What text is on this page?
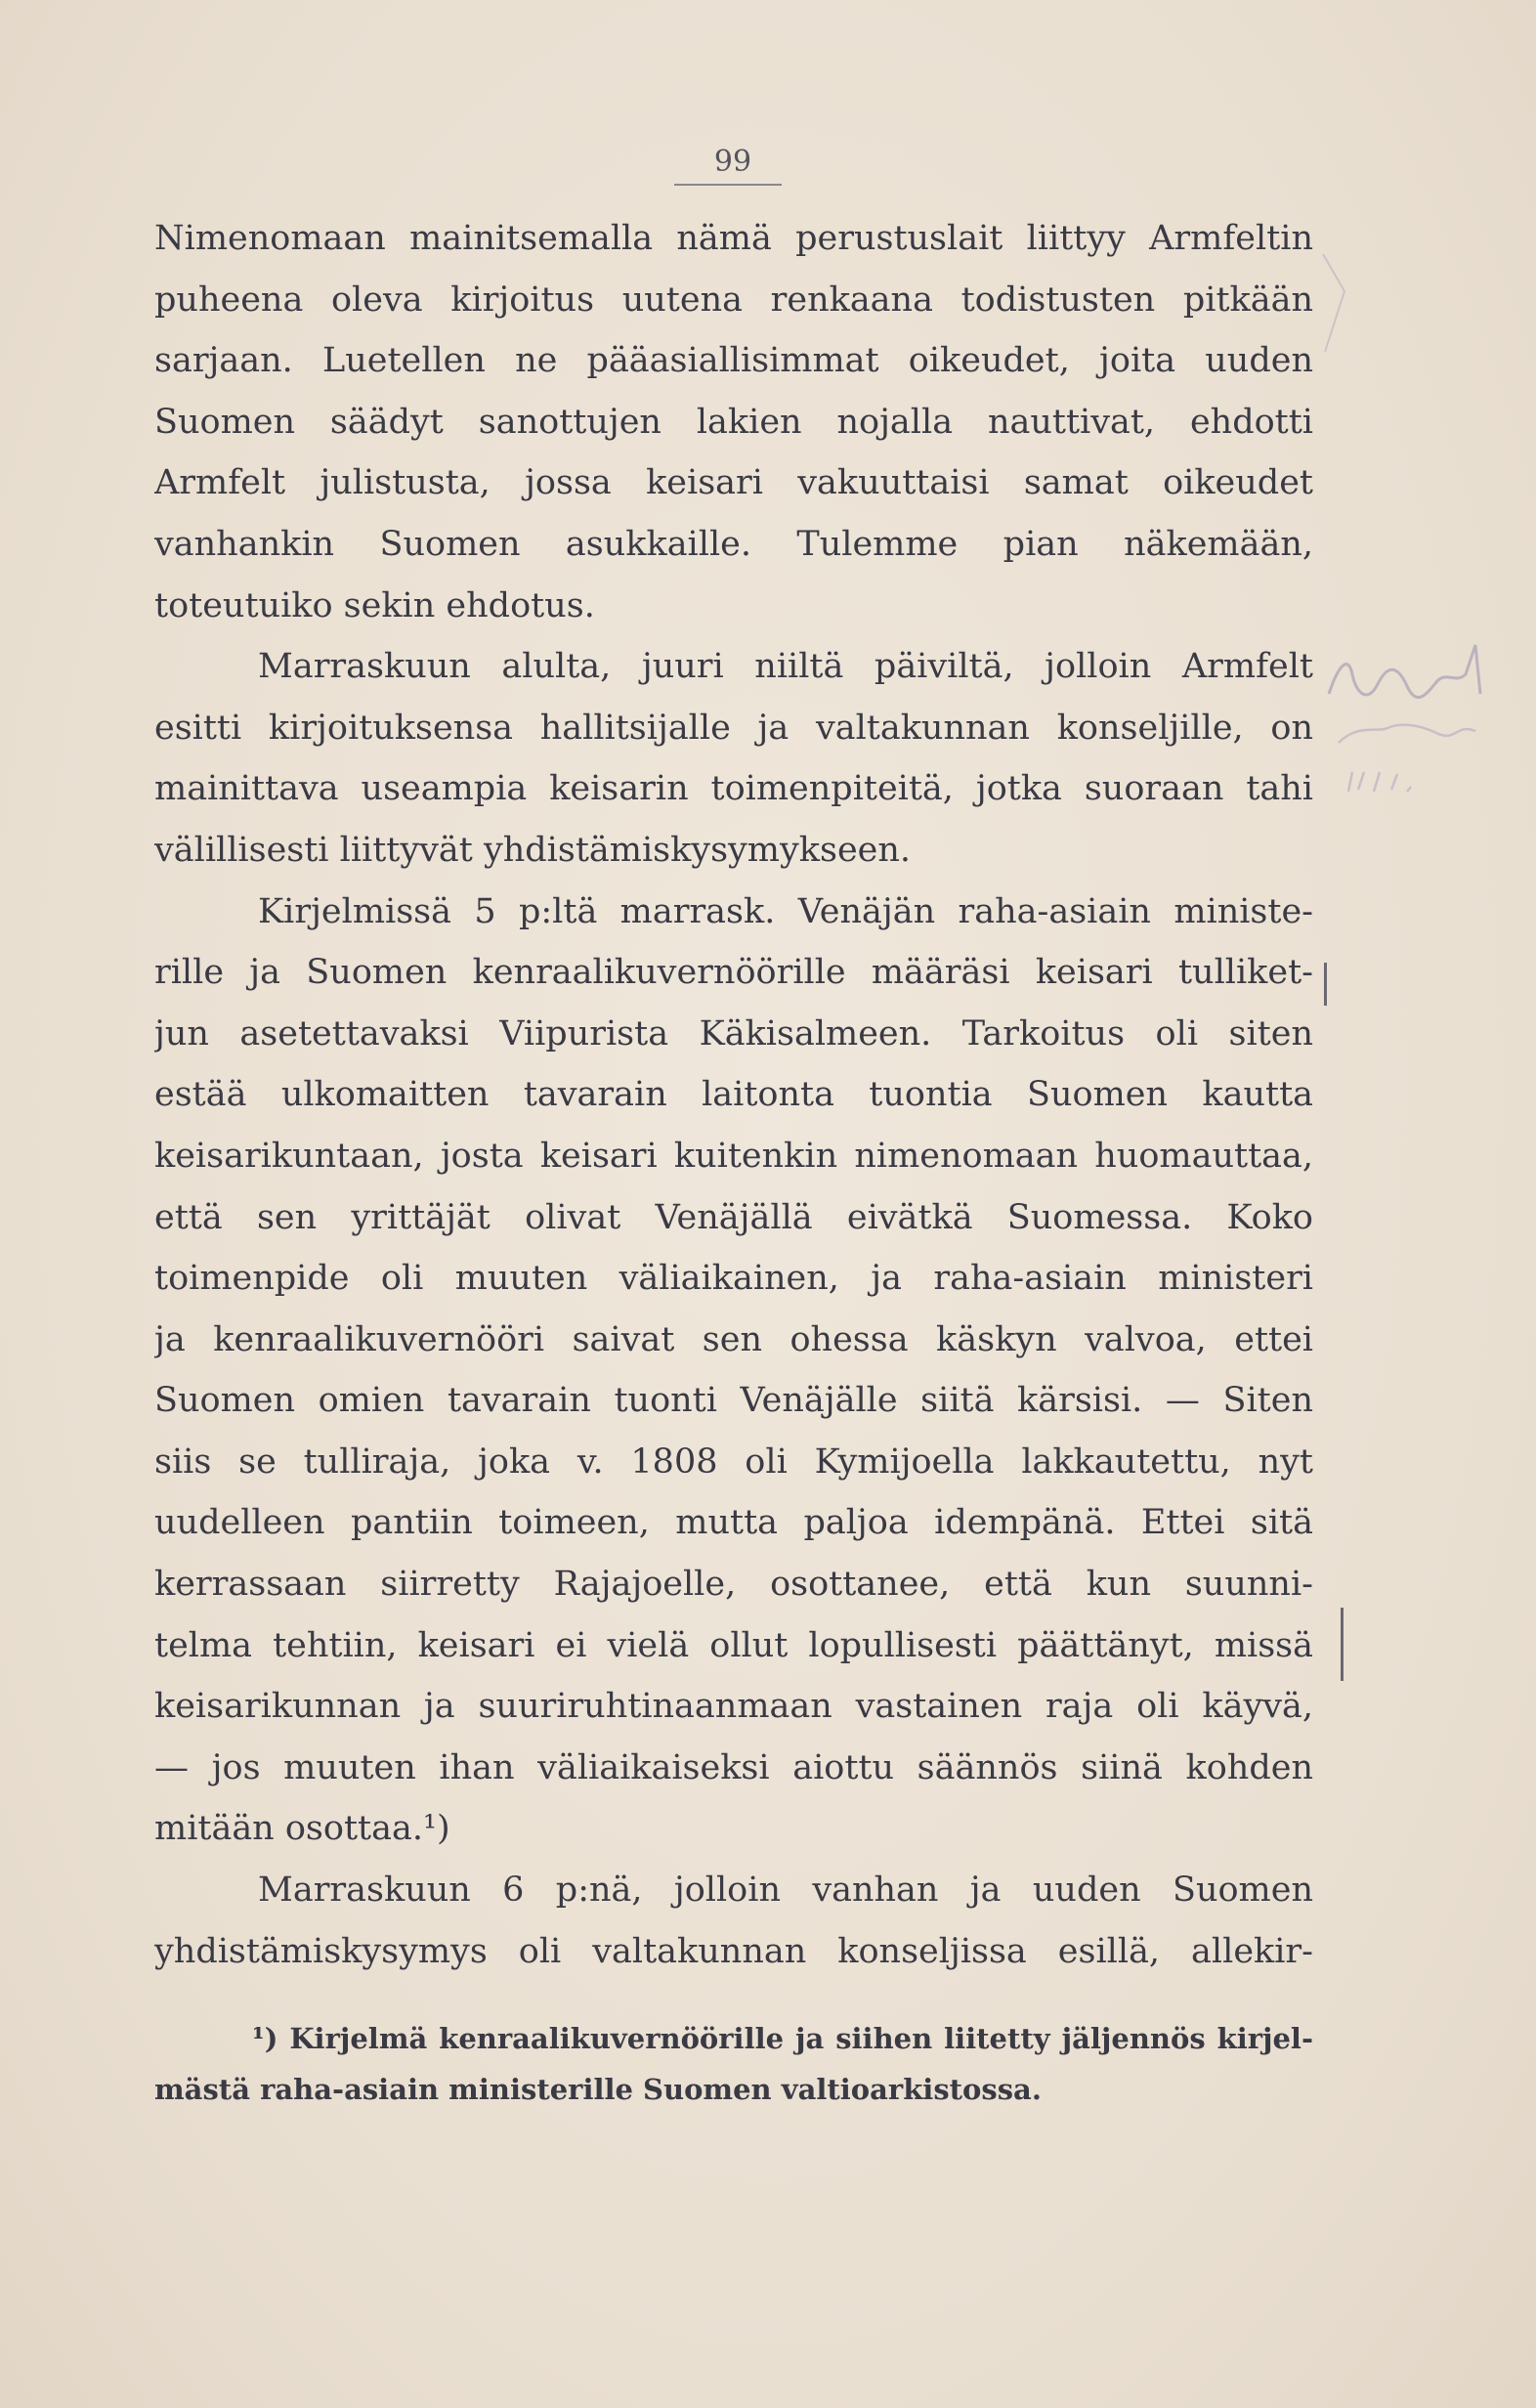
99
Nimenomaan mainitsemalla nämä perustuslait liittyy Armfeltin
puheena oleva kirjoitus uutena renkaana todistusten pitkään
sarjaan. Luetellen ne pääasiallisimmat oikeudet, joita uuden
Suomen säädyt sanottujen lakien nojalla nauttivat, ehdotti
Armfelt julistusta, jossa keisari vakuuttaisi samat oikeudet
vanhankin Suomen asukkaille. Tulemme pian näkemään,
toteutuiko sekin ehdotus.
Marraskuun alulta, juuri niiltä päiviltä, jolloin Armfelt
esitti kirjoituksensa hallitsijalle ja valtakunnan konseljille, on
mainittava useampia keisarin toimenpiteitä, jotka suoraan tahi
välillisesti liittyvät yhdistämiskysymykseen.
Kirjelmissä 5 p:ltä marrask. Venäjän raha-asiain ministe-
rille ja Suomen kenraalikuvernöörille määräsi keisari tulliket-
jun asetettavaksi Viipurista Käkisalmeen. Tarkoitus oli siten
estää ulkomaitten tavarain laitonta tuontia Suomen kautta
keisarikuntaan, josta keisari kuitenkin nimenomaan huomauttaa,
että sen yrittäjät olivat Venäjällä eivätkä Suomessa. Koko
toimenpide oli muuten väliaikainen, ja raha-asiain ministeri
ja kenraalikuvernööri saivat sen ohessa käskyn valvoa, ettei
Suomen omien tavarain tuonti Venäjälle siitä kärsisi. — Siten
siis se tulliraja, joka v. 1808 oli Kymijoella lakkautettu, nyt
uudelleen pantiin toimeen, mutta paljoa idempänä. Ettei sitä
kerrassaan siirretty Rajajoelle, osottanee, että kun suunni-
telma tehtiin, keisari ei vielä ollut lopullisesti päättänyt, missä
keisarikunnan ja suuriruhtinaanmaan vastainen raja oli käyvä,
— jos muuten ihan väliaikaiseksi aiottu säännös siinä kohden
mitään osottaa.¹)
Marraskuun 6 p:nä, jolloin vanhan ja uuden Suomen
yhdistämiskysymys oli valtakunnan konseljissa esillä, allekir-
¹) Kirjelmä kenraalikuvernöörille ja siihen liitetty jäljennös kirjel-
mästä raha-asiain ministerille Suomen valtioarkistossa.
